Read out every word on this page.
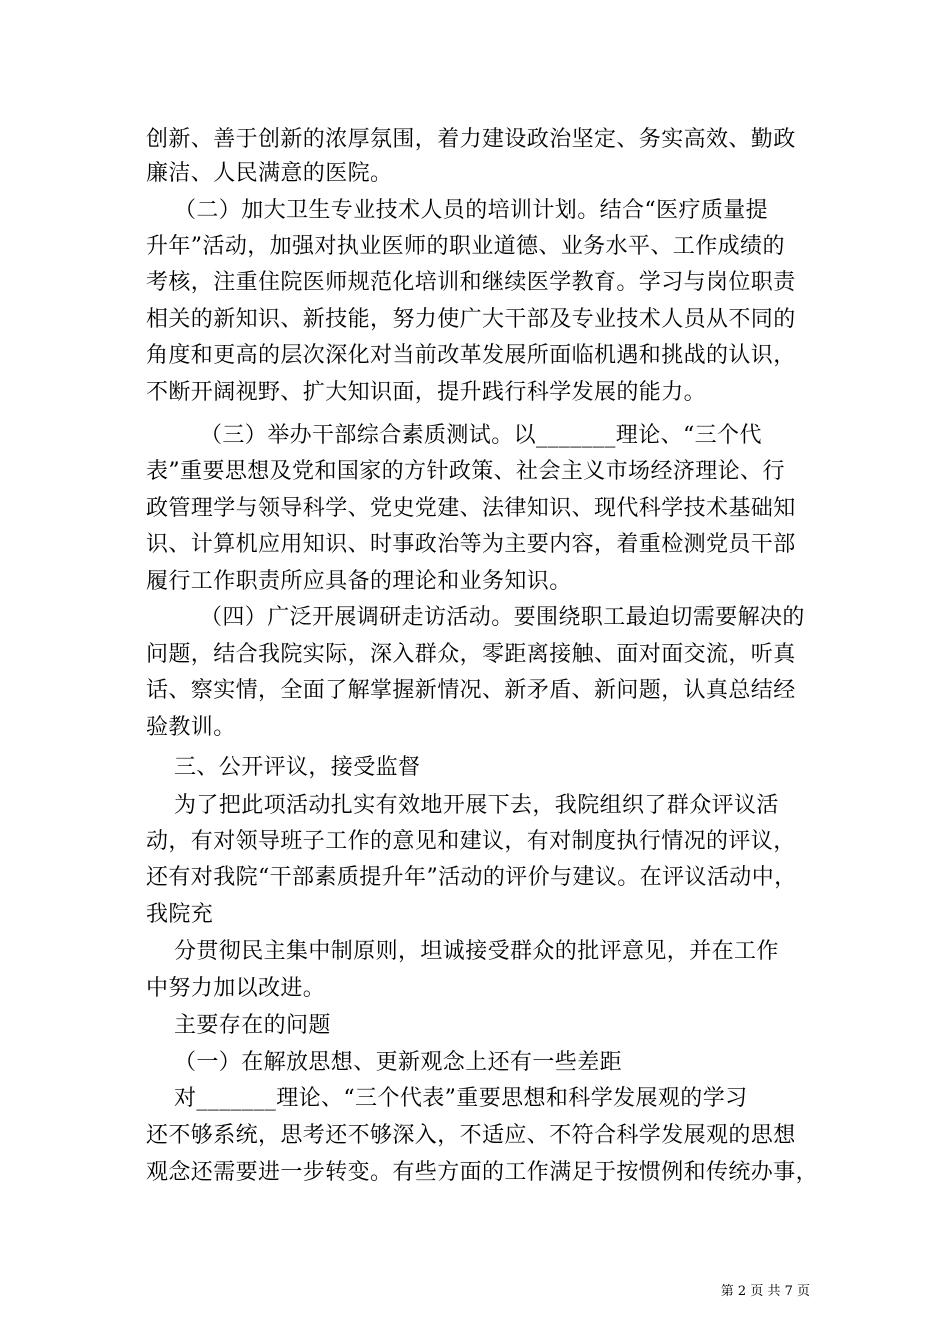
创新、善于创新的浓厚氛围，着力建设政治坚定、务实高效、勤政
廉洁、人民满意的医院。
（二）加大卫生专业技术人员的培训计划。结合“医疗质量提
升年”活动，加强对执业医师的职业道德、业务水平、工作成绩的
考核，注重住院医师规范化培训和继续医学教育。学习与岗位职责
相关的新知识、新技能，努力使广大干部及专业技术人员从不同的
角度和更高的层次深化对当前改革发展所面临机遇和挑战的认识，
不断开阔视野、扩大知识面，提升践行科学发展的能力。
（三）举办干部综合素质测试。以_______理论、“三个代
表”重要思想及党和国家的方针政策、社会主义市场经济理论、行
政管理学与领导科学、党史党建、法律知识、现代科学技术基础知
识、计算机应用知识、时事政治等为主要内容，着重检测党员干部
履行工作职责所应具备的理论和业务知识。
（四）广泛开展调研走访活动。要围绕职工最迫切需要解决的
问题，结合我院实际，深入群众，零距离接触、面对面交流，听真
话、察实情，全面了解掌握新情况、新矛盾、新问题，认真总结经
验教训。
三、公开评议，接受监督
为了把此项活动扎实有效地开展下去，我院组织了群众评议活
动，有对领导班子工作的意见和建议，有对制度执行情况的评议，
还有对我院“干部素质提升年”活动的评价与建议。在评议活动中，
我院充
分贯彻民主集中制原则，坦诚接受群众的批评意见，并在工作
中努力加以改进。
主要存在的问题
（一）在解放思想、更新观念上还有一些差距
对_______理论、“三个代表”重要思想和科学发展观的学习
还不够系统，思考还不够深入，不适应、不符合科学发展观的思想
观念还需要进一步转变。有些方面的工作满足于按惯例和传统办事，
第 2 页 共 7 页
